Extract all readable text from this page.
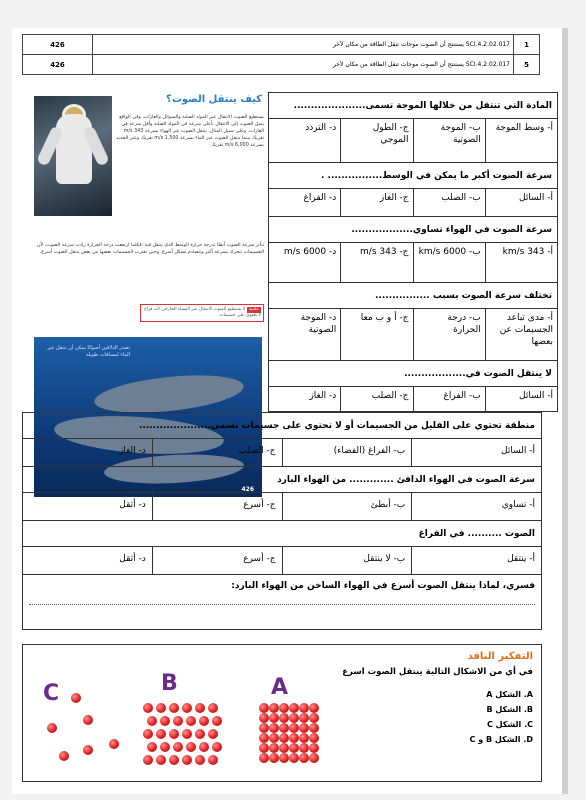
426	SCI.4.2.02.017 يستنتج أن الصوت موجات تنقل الطاقة من مكان لآخر	1
426	SCI.4.2.02.017 يستنتج أن الصوت موجات تنقل الطاقة من مكان لآخر	5
كيف ينتقل الصوت؟
يستطيع الصوت الانتقال عبر المواد الصلبة والسوائل والغازات، وفي الواقع يميل الصوت إلى الانتقال بأعلى سرعة في المواد الصلبة وأقل سرعة في الغازات. وعلى سبيل المثال، ينتقل الصوت عبر الهواء بسرعة 343 m/s تقريبًا، بينما ينتقل الصوت عبر الماء بسرعة 1,500 m/s تقريبًا، وعبر الحديد بسرعة 6,000 m/s تقريبًا.
تتأثر سرعة الصوت أيضًا بدرجة حرارة الوسط الذي ينتقل فيه؛ فكلما ارتفعت درجة الحرارة زادت سرعة الصوت، لأن الجسيمات تتحرك بسرعة أكبر وتتصادم بشكل أسرع. وحين تقترب الجسيمات بعضها من بعض ينتقل الصوت أسرع.
علمية لا يستطيع الصوت الانتقال عبر الفضاء الخارجي لأنه فراغ لا يحتوي على جسيمات.
تصدر الدلافين أصواتًا يمكن أن تنتقل عبر الماء لمسافات طويلة
426
المادة التي تنتقل من خلالها الموجة تسمى.....................
أ- وسط الموجة
ب- الموجة الصوتية
ج- الطول الموجي
د- التردد
سرعة الصوت أكبر ما يمكن في الوسط................ .
أ- السائل
ب- الصلب
ج- الغاز
د- الفراغ
سرعة الصوت في الهواء تساوي..................
أ- 343 km/s
ب- 6000 km/s
ج- 343 m/s
د- 6000 m/s
تختلف سرعة الصوت بسبب ................
أ- مدى تباعد الجسيمات عن بعضها
ب- درجة الحرارة
ج- أ و ب معا
د- الموجة الصوتية
لا ينتقل الصوت في..................
أ- السائل
ب- الفراغ
ج- الصلب
د- الغاز
منطقة تحتوي على القليل من الجسيمات أو لا تحتوي على جسيمات تسمى.....................
أ- السائل
ب- الفراغ (الفضاء)
ج- الصلب
د- الغاز
سرعة الصوت في الهواء الدافئ ............. من الهواء البارد
أ- تساوي
ب- أبطئ
ج- أسرع
د- أثقل
الصوت .......... في الفراغ
أ- ينتقل
ب- لا ينتقل
ج- أسرع
د- أثقل
فسري، لماذا ينتقل الصوت أسرع في الهواء الساخن من الهواء البارد:
التفكير الناقد
في أي من الاشكال التالية ينتقل الصوت اسرع
A. الشكل A
B. الشكل B
C. الشكل C
D. الشكل B و C
C	B	A
